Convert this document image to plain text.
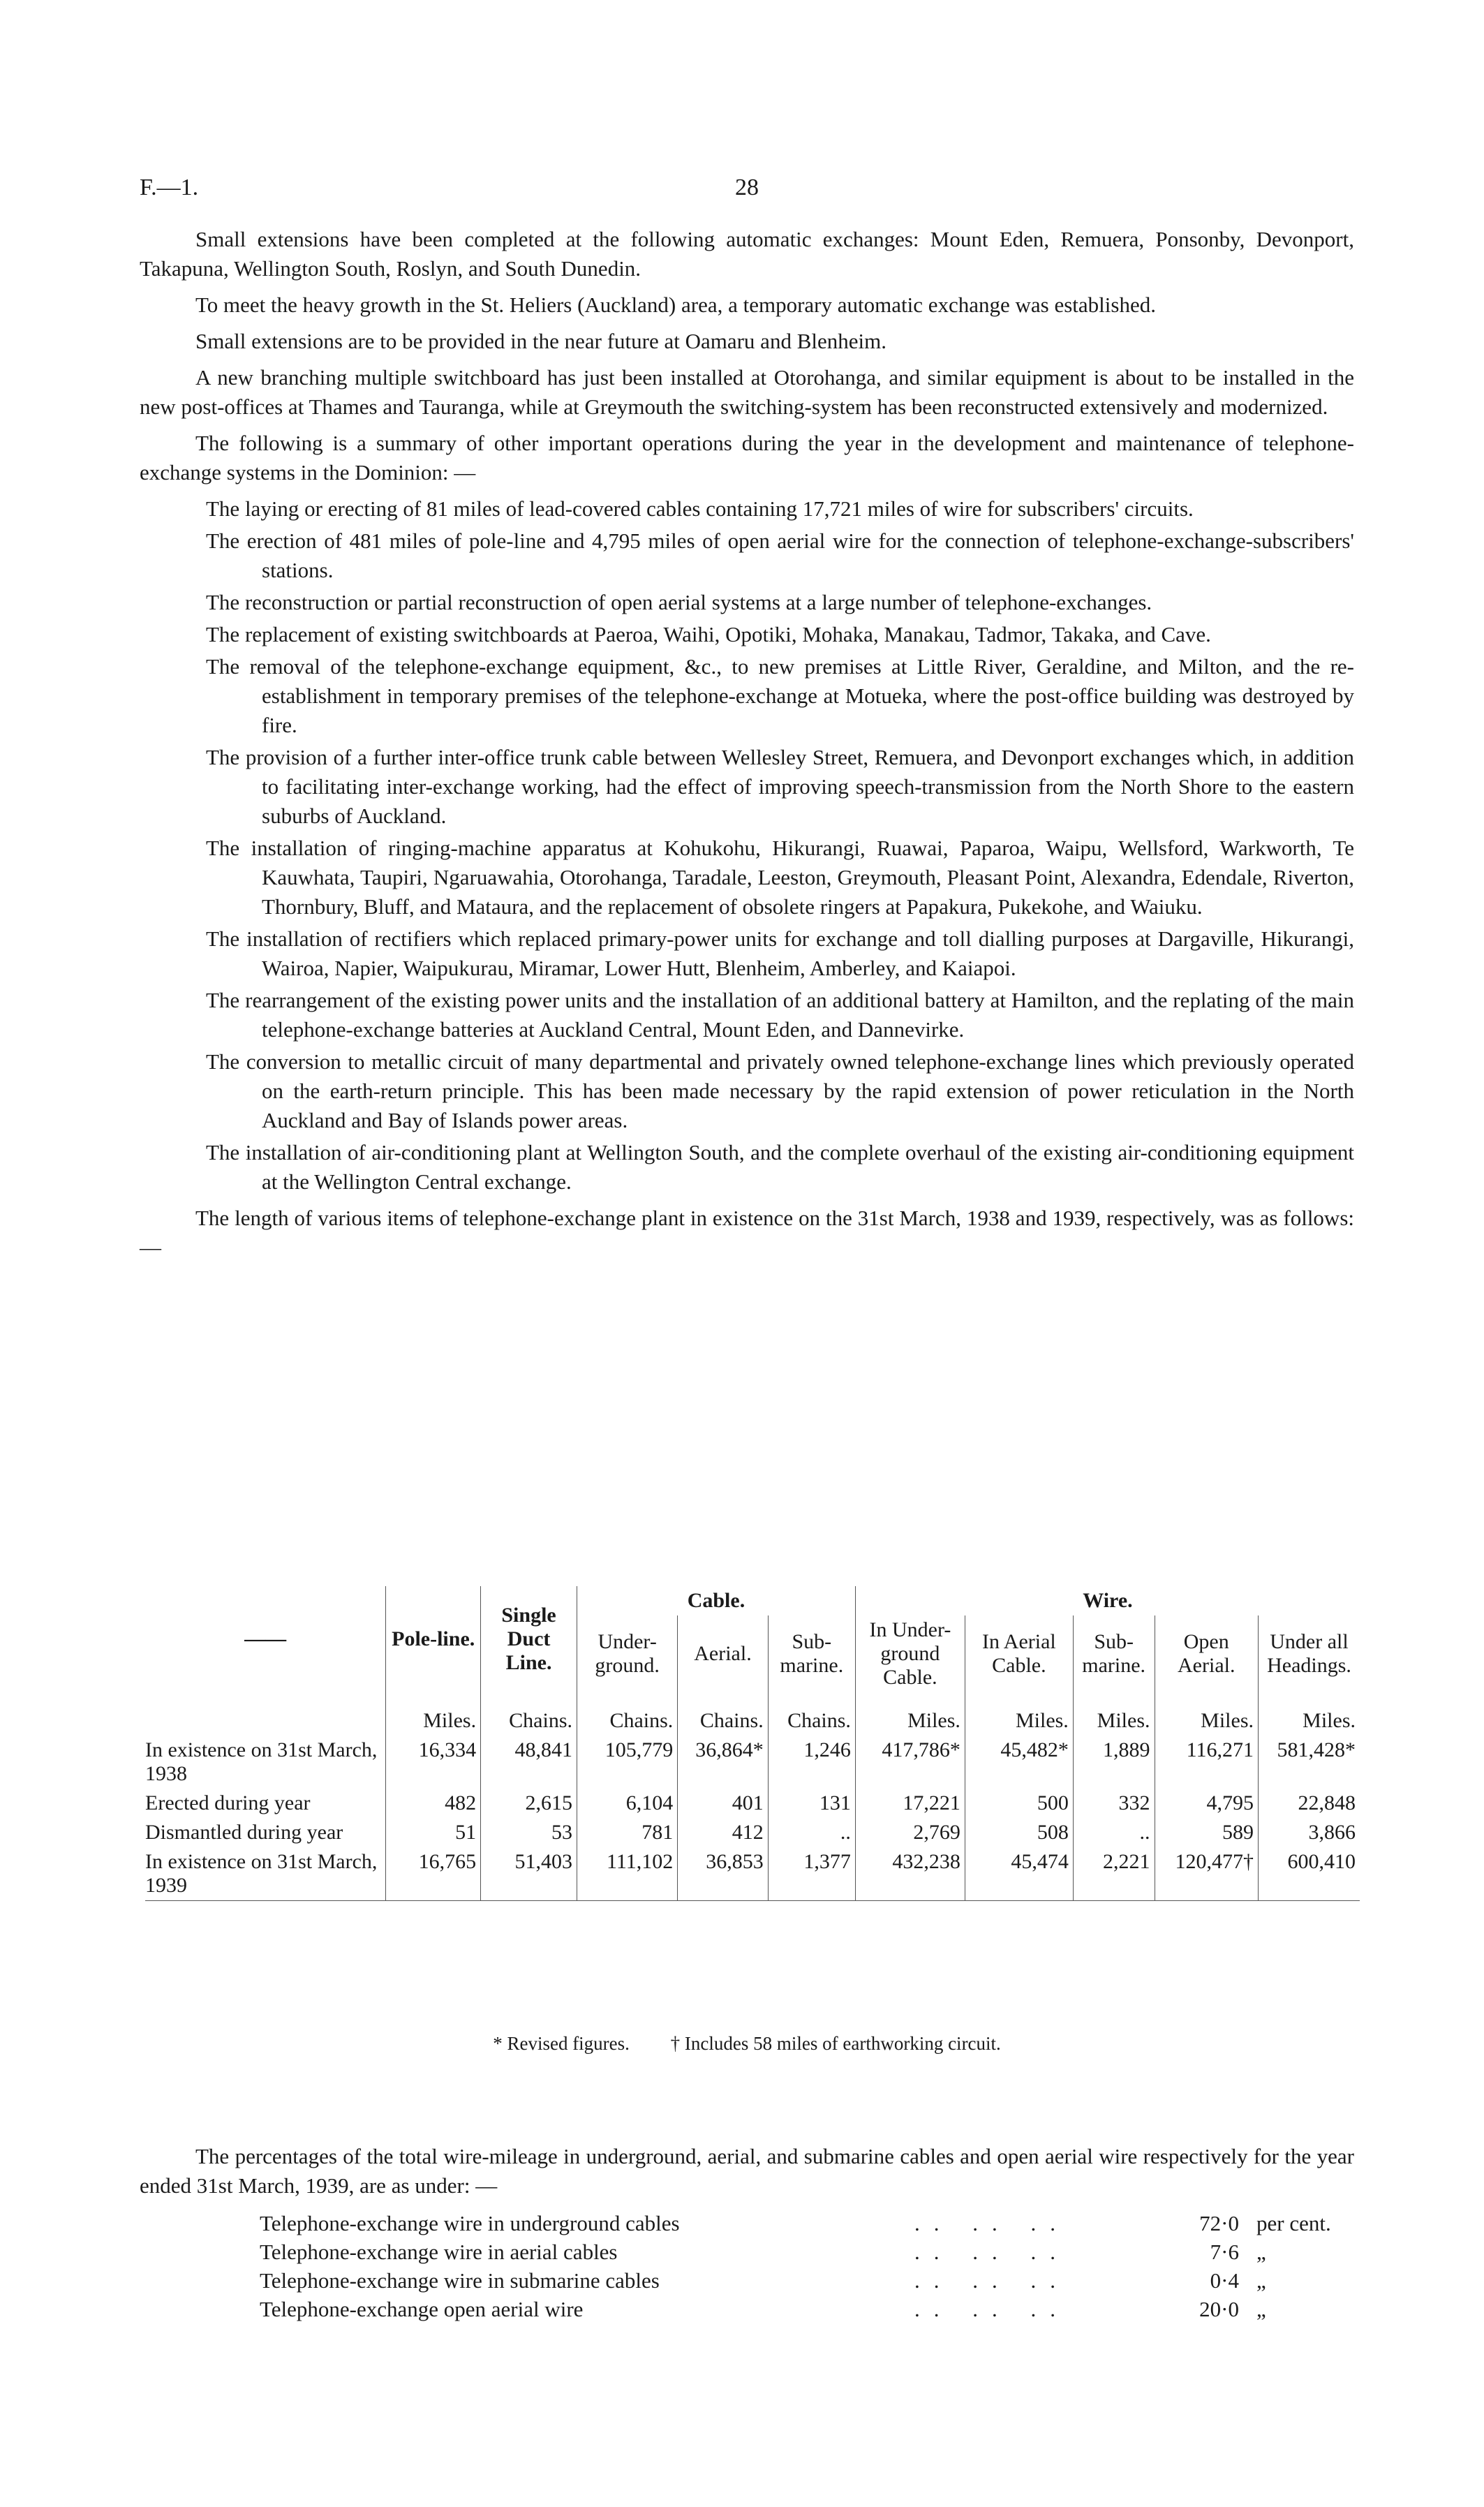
F.—1.	28

Small extensions have been completed at the following automatic exchanges: Mount Eden, Remuera, Ponsonby, Devonport, Takapuna, Wellington South, Roslyn, and South Dunedin.

To meet the heavy growth in the St. Heliers (Auckland) area, a temporary automatic exchange was established.

Small extensions are to be provided in the near future at Oamaru and Blenheim.

A new branching multiple switchboard has just been installed at Otorohanga, and similar equipment is about to be installed in the new post-offices at Thames and Tauranga, while at Greymouth the switching-system has been reconstructed extensively and modernized.

The following is a summary of other important operations during the year in the development and maintenance of telephone-exchange systems in the Dominion: —

The laying or erecting of 81 miles of lead-covered cables containing 17,721 miles of wire for subscribers' circuits.
The erection of 481 miles of pole-line and 4,795 miles of open aerial wire for the connection of telephone-exchange-subscribers' stations.
The reconstruction or partial reconstruction of open aerial systems at a large number of telephone-exchanges.
The replacement of existing switchboards at Paeroa, Waihi, Opotiki, Mohaka, Manakau, Tadmor, Takaka, and Cave.
The removal of the telephone-exchange equipment, &c., to new premises at Little River, Geraldine, and Milton, and the re-establishment in temporary premises of the telephone-exchange at Motueka, where the post-office building was destroyed by fire.
The provision of a further inter-office trunk cable between Wellesley Street, Remuera, and Devonport exchanges which, in addition to facilitating inter-exchange working, had the effect of improving speech-transmission from the North Shore to the eastern suburbs of Auckland.
The installation of ringing-machine apparatus at Kohukohu, Hikurangi, Ruawai, Paparoa, Waipu, Wellsford, Warkworth, Te Kauwhata, Taupiri, Ngaruawahia, Otorohanga, Taradale, Leeston, Greymouth, Pleasant Point, Alexandra, Edendale, Riverton, Thornbury, Bluff, and Mataura, and the replacement of obsolete ringers at Papakura, Pukekohe, and Waiuku.
The installation of rectifiers which replaced primary-power units for exchange and toll dialling purposes at Dargaville, Hikurangi, Wairoa, Napier, Waipukurau, Miramar, Lower Hutt, Blenheim, Amberley, and Kaiapoi.
The rearrangement of the existing power units and the installation of an additional battery at Hamilton, and the replating of the main telephone-exchange batteries at Auckland Central, Mount Eden, and Dannevirke.
The conversion to metallic circuit of many departmental and privately owned telephone-exchange lines which previously operated on the earth-return principle. This has been made necessary by the rapid extension of power reticulation in the North Auckland and Bay of Islands power areas.
The installation of air-conditioning plant at Wellington South, and the complete overhaul of the existing air-conditioning equipment at the Wellington Central exchange.

The length of various items of telephone-exchange plant in existence on the 31st March, 1938 and 1939, respectively, was as follows: —

——	Pole-line.	Single Duct Line.	Cable.			Wire.				
			Under-ground.	Aerial.	Sub-marine.	In Under-ground Cable.	In Aerial Cable.	Sub-marine.	Open Aerial.	Under all Headings.
	Miles.	Chains.	Chains.	Chains.	Chains.	Miles.	Miles.	Miles.	Miles.	Miles.
In existence on 31st March, 1938	16,334	48,841	105,779	36,864*	1,246	417,786*	45,482*	1,889	116,271	581,428*
Erected during year	482	2,615	6,104	401	131	17,221	500	332	4,795	22,848
Dismantled during year	51	53	781	412	..	2,769	508	..	589	3,866
In existence on 31st March, 1939	16,765	51,403	111,102	36,853	1,377	432,238	45,474	2,221	120,477†	600,410
* Revised figures. † Includes 58 miles of earthworking circuit.

The percentages of the total wire-mileage in underground, aerial, and submarine cables and open aerial wire respectively for the year ended 31st March, 1939, are as under: —

Telephone-exchange wire in underground cables	.. .. ..	72·0 per cent.
Telephone-exchange wire in aerial cables	.. .. ..	7·6 „
Telephone-exchange wire in submarine cables	.. .. ..	0·4 „
Telephone-exchange open aerial wire	.. .. ..	20·0 „
